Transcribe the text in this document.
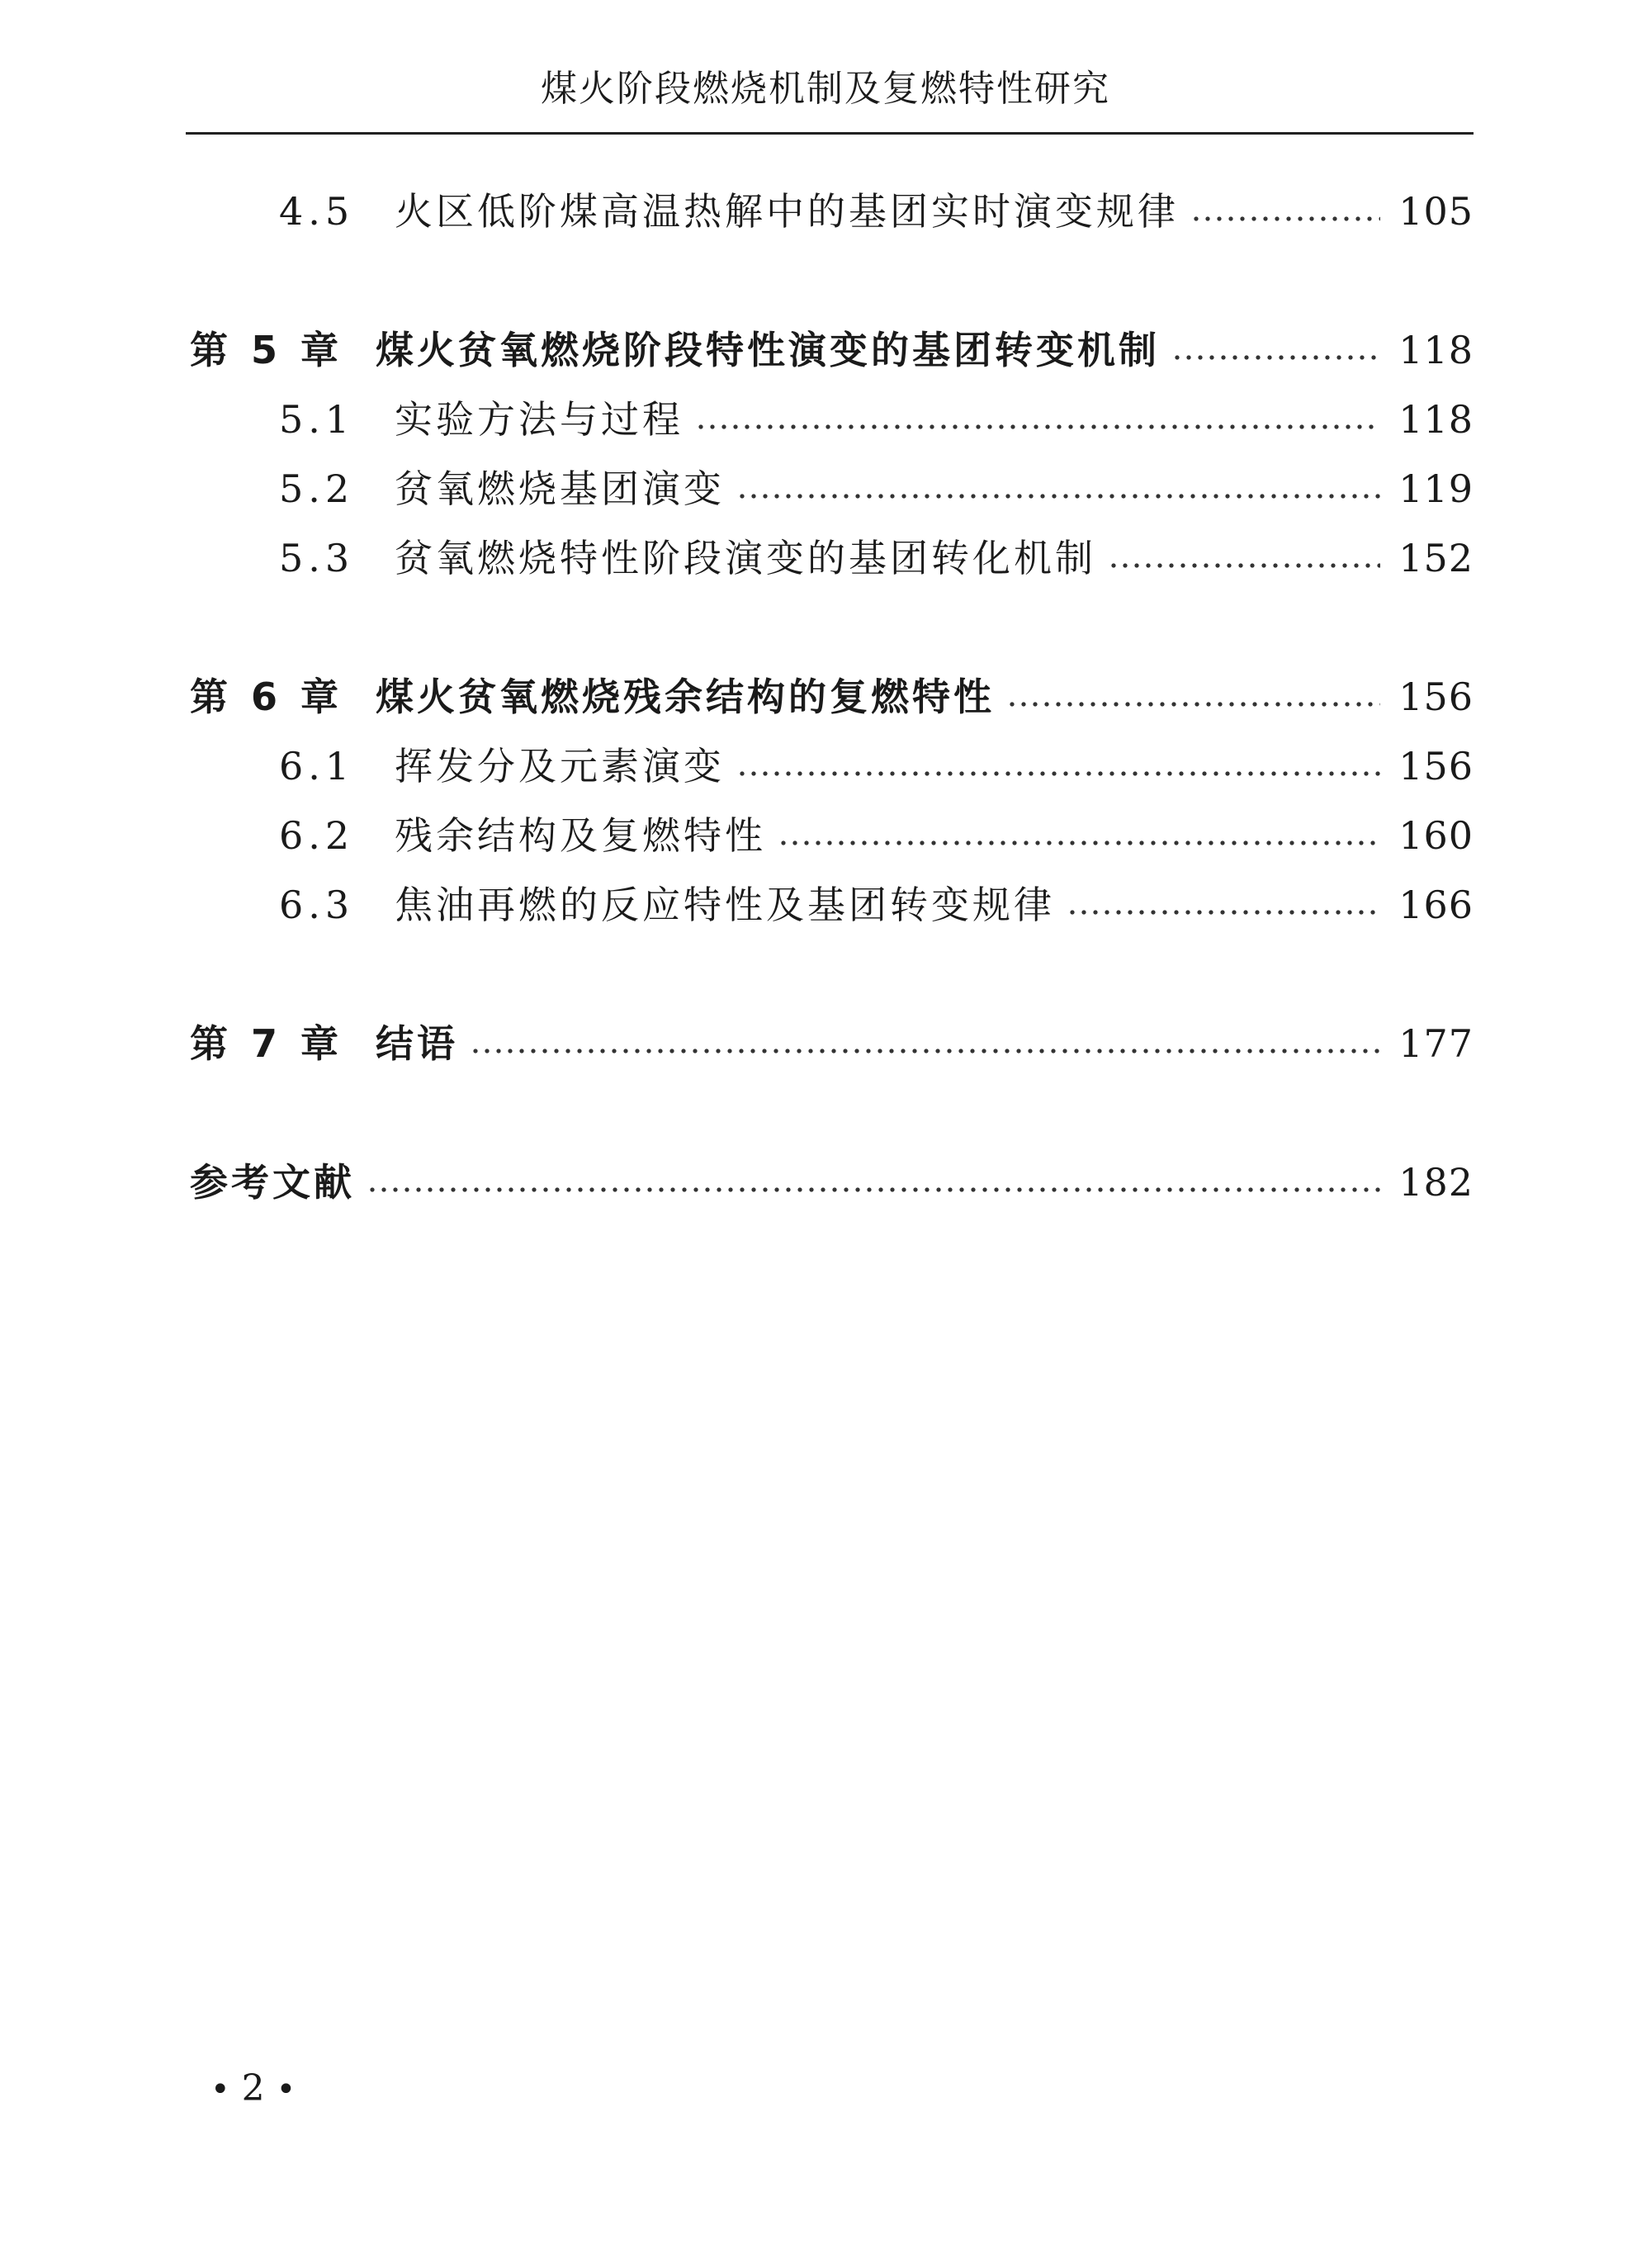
煤火阶段燃烧机制及复燃特性研究
4.5	火区低阶煤高温热解中的基团实时演变规律	105
第 5 章 煤火贫氧燃烧阶段特性演变的基团转变机制	118
5.1	实验方法与过程	118
5.2	贫氧燃烧基团演变	119
5.3	贫氧燃烧特性阶段演变的基团转化机制	152
第 6 章 煤火贫氧燃烧残余结构的复燃特性	156
6.1	挥发分及元素演变	156
6.2	残余结构及复燃特性	160
6.3	焦油再燃的反应特性及基团转变规律	166
第 7 章 结语	177
参考文献	182
• 2 •
